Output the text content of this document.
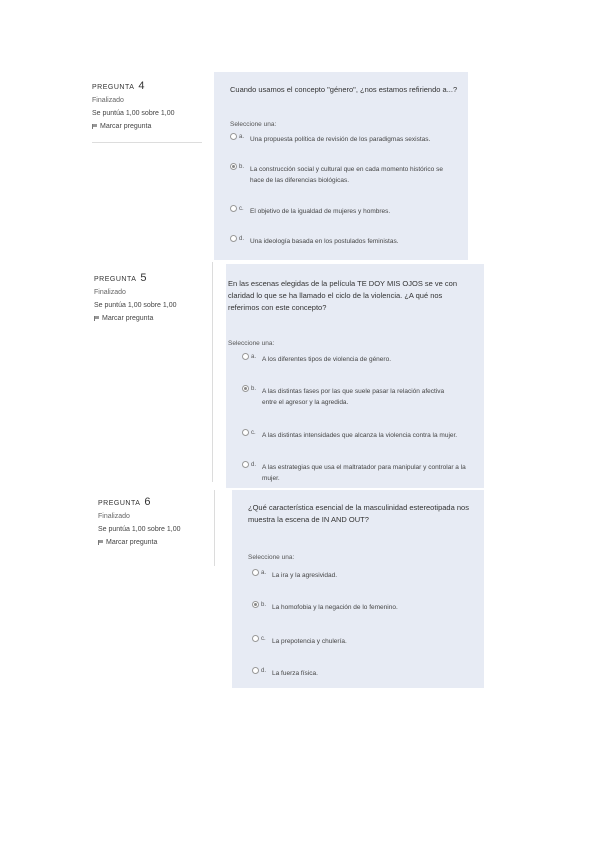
PREGUNTA 4
Finalizado
Se puntúa 1,00 sobre 1,00
Marcar pregunta
Cuando usamos el concepto "género", ¿nos estamos refiriendo a...?
Seleccione una:
a. Una propuesta política de revisión de los paradigmas sexistas.
b. La construcción social y cultural que en cada momento histórico se
hace de las diferencias biológicas.
c. El objetivo de la igualdad de mujeres y hombres.
d. Una ideología basada en los postulados feministas.
PREGUNTA 5
Finalizado
Se puntúa 1,00 sobre 1,00
Marcar pregunta
En las escenas elegidas de la película TE DOY MIS OJOS se ve con
claridad lo que se ha llamado el ciclo de la violencia. ¿A qué nos
referimos con este concepto?
Seleccione una:
a. A los diferentes tipos de violencia de género.
b. A las distintas fases por las que suele pasar la relación afectiva
entre el agresor y la agredida.
c. A las distintas intensidades que alcanza la violencia contra la mujer.
d. A las estrategias que usa el maltratador para manipular y controlar a la
mujer.
PREGUNTA 6
Finalizado
Se puntúa 1,00 sobre 1,00
Marcar pregunta
¿Qué característica esencial de la masculinidad estereotipada nos
muestra la escena de IN AND OUT?
Seleccione una:
a. La ira y la agresividad.
b. La homofobia y la negación de lo femenino.
c. La prepotencia y chulería.
d. La fuerza física.
